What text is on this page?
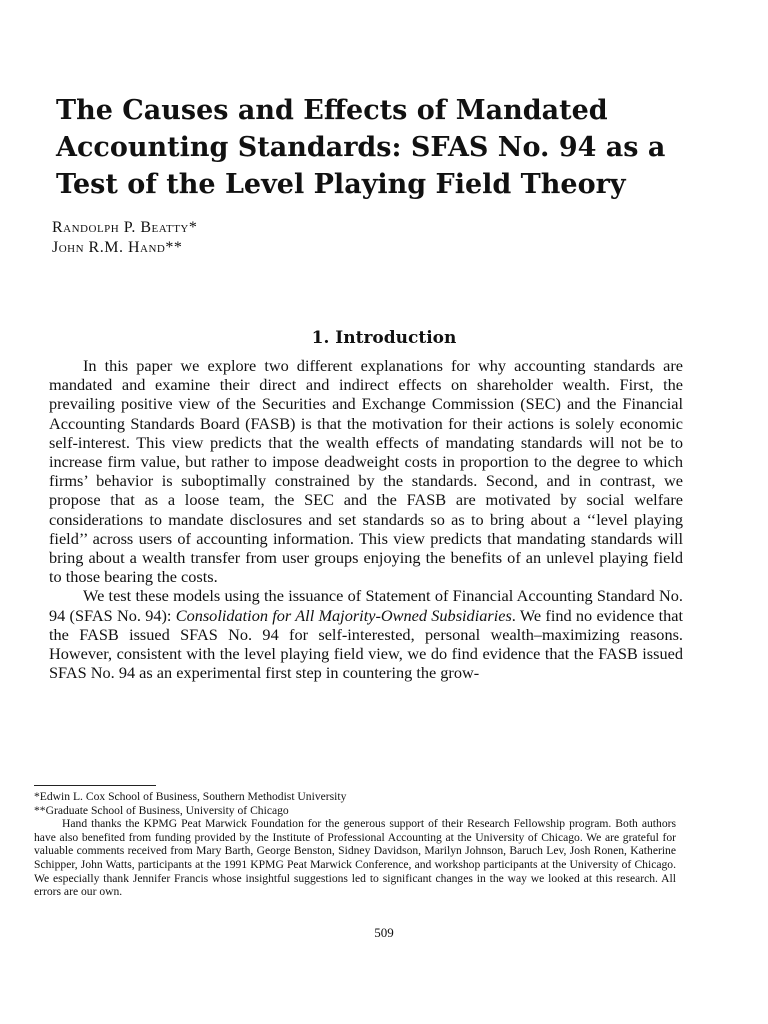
The Causes and Effects of Mandated
Accounting Standards: SFAS No. 94 as a
Test of the Level Playing Field Theory
Randolph P. Beatty*
John R.M. Hand**
1. Introduction

In this paper we explore two different explanations for why accounting standards are mandated and examine their direct and indirect effects on shareholder wealth. First, the prevailing positive view of the Securities and Exchange Commission (SEC) and the Financial Accounting Standards Board (FASB) is that the motivation for their actions is solely economic self-interest. This view predicts that the wealth effects of mandating standards will not be to increase firm value, but rather to impose deadweight costs in proportion to the degree to which firms’ behavior is suboptimally constrained by the standards. Second, and in contrast, we propose that as a loose team, the SEC and the FASB are motivated by social welfare considerations to mandate disclosures and set standards so as to bring about a ‘‘level playing field’’ across users of accounting information. This view predicts that mandating standards will bring about a wealth transfer from user groups enjoying the benefits of an unlevel playing field to those bearing the costs.

We test these models using the issuance of Statement of Financial Accounting Standard No. 94 (SFAS No. 94): Consolidation for All Majority-Owned Subsidiaries. We find no evidence that the FASB issued SFAS No. 94 for self-interested, personal wealth–maximizing reasons. However, consistent with the level playing field view, we do find evidence that the FASB issued SFAS No. 94 as an experimental first step in countering the grow-

*Edwin L. Cox School of Business, Southern Methodist University

**Graduate School of Business, University of Chicago

Hand thanks the KPMG Peat Marwick Foundation for the generous support of their Research Fellowship program. Both authors have also benefited from funding provided by the Institute of Professional Accounting at the University of Chicago. We are grateful for valuable comments received from Mary Barth, George Benston, Sidney Davidson, Marilyn Johnson, Baruch Lev, Josh Ronen, Katherine Schipper, John Watts, participants at the 1991 KPMG Peat Marwick Conference, and workshop participants at the University of Chicago. We especially thank Jennifer Francis whose insightful suggestions led to significant changes in the way we looked at this research. All errors are our own.

509
